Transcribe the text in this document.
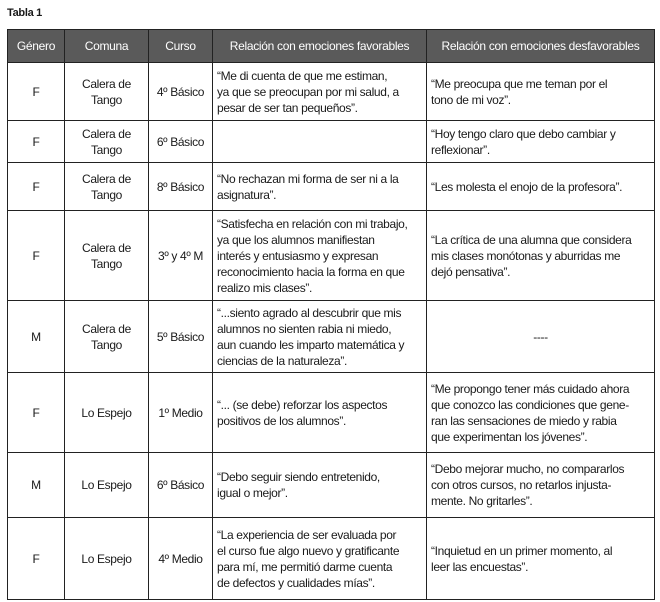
Tabla 1
Género	Comuna	Curso	Relación con emociones favorables	Relación con emociones desfavorables
F	Calera de
Tango	4º Básico	“Me di cuenta de que me estiman,
ya que se preocupan por mi salud, a
pesar de ser tan pequeños”.	“Me preocupa que me teman por el
tono de mi voz”.
F	Calera de
Tango	6º Básico		“Hoy tengo claro que debo cambiar y
reflexionar”.
F	Calera de
Tango	8º Básico	“No rechazan mi forma de ser ni a la
asignatura”.	“Les molesta el enojo de la profesora”.
F	Calera de
Tango	3º y 4º M	“Satisfecha en relación con mi trabajo,
ya que los alumnos manifiestan
interés y entusiasmo y expresan
reconocimiento hacia la forma en que
realizo mis clases”.	“La crítica de una alumna que considera
mis clases monótonas y aburridas me
dejó pensativa”.
M	Calera de
Tango	5º Básico	“...siento agrado al descubrir que mis
alumnos no sienten rabia ni miedo,
aun cuando les imparto matemática y
ciencias de la naturaleza”.	----
F	Lo Espejo	1º Medio	“... (se debe) reforzar los aspectos
positivos de los alumnos”.	“Me propongo tener más cuidado ahora
que conozco las condiciones que gene-
ran las sensaciones de miedo y rabia
que experimentan los jóvenes”.
M	Lo Espejo	6º Básico	“Debo seguir siendo entretenido,
igual o mejor”.	“Debo mejorar mucho, no compararlos
con otros cursos, no retarlos injusta-
mente. No gritarles”.
F	Lo Espejo	4º Medio	“La experiencia de ser evaluada por
el curso fue algo nuevo y gratificante
para mí, me permitió darme cuenta
de defectos y cualidades mías”.	“Inquietud en un primer momento, al
leer las encuestas”.
